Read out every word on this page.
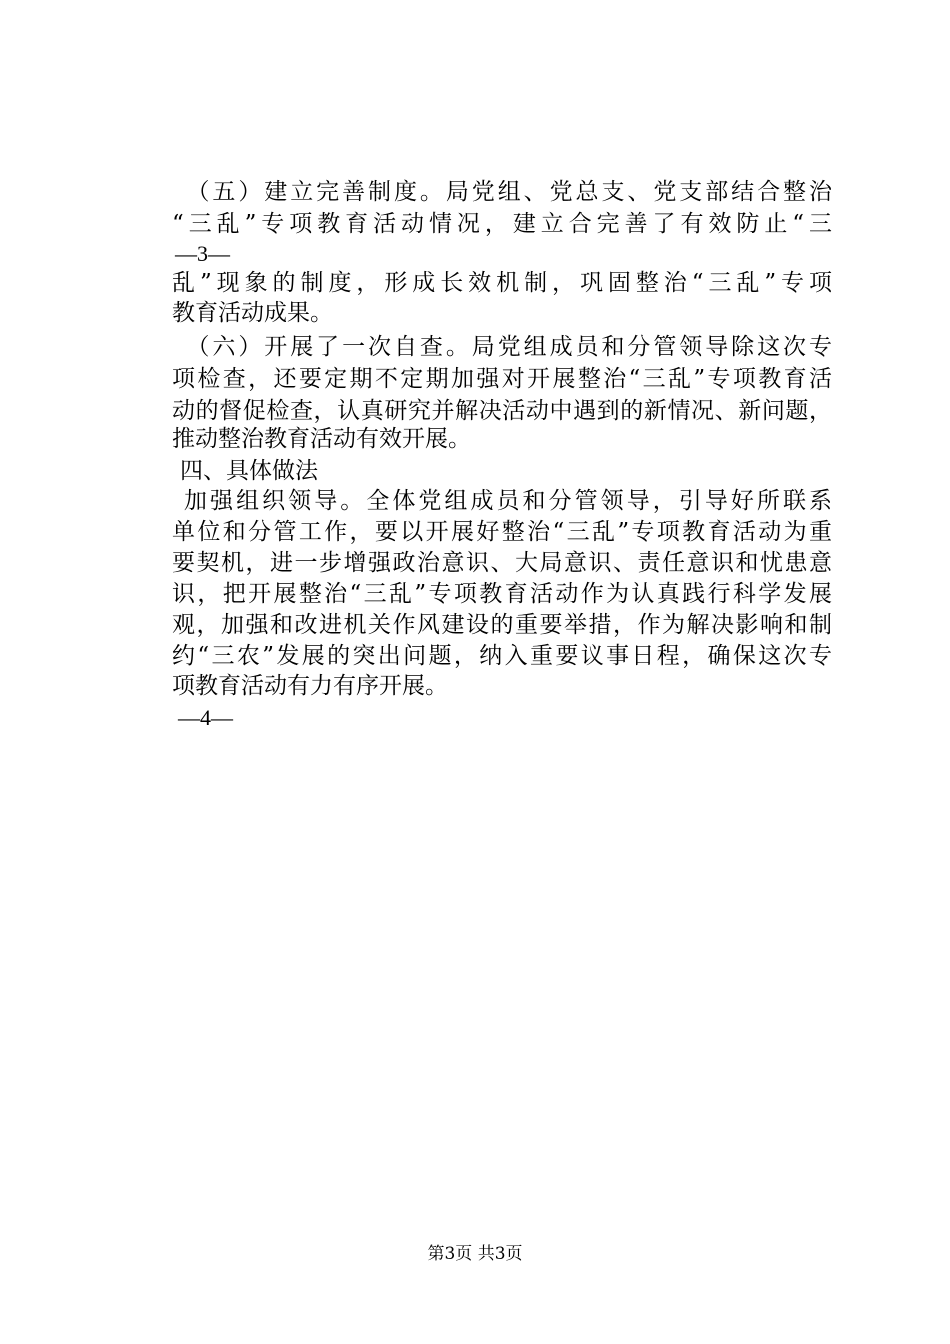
　（五）建立完善制度。局党组、党总支、党支部结合整治
“三乱”专项教育活动情况，建立合完善了有效防止“三
—3—
乱”现象的制度，形成长效机制，巩固整治“三乱”专项
教育活动成果。
　（六）开展了一次自查。局党组成员和分管领导除这次专
项检查，还要定期不定期加强对开展整治“三乱”专项教育活
动的督促检查，认真研究并解决活动中遇到的新情况、新问题，
推动整治教育活动有效开展。
四、具体做法
加强组织领导。全体党组成员和分管领导，引导好所联系
单位和分管工作，要以开展好整治“三乱”专项教育活动为重
要契机，进一步增强政治意识、大局意识、责任意识和忧患意
识，把开展整治“三乱”专项教育活动作为认真践行科学发展
观，加强和改进机关作风建设的重要举措，作为解决影响和制
约“三农”发展的突出问题，纳入重要议事日程，确保这次专
项教育活动有力有序开展。
—4—
第3页 共3页
